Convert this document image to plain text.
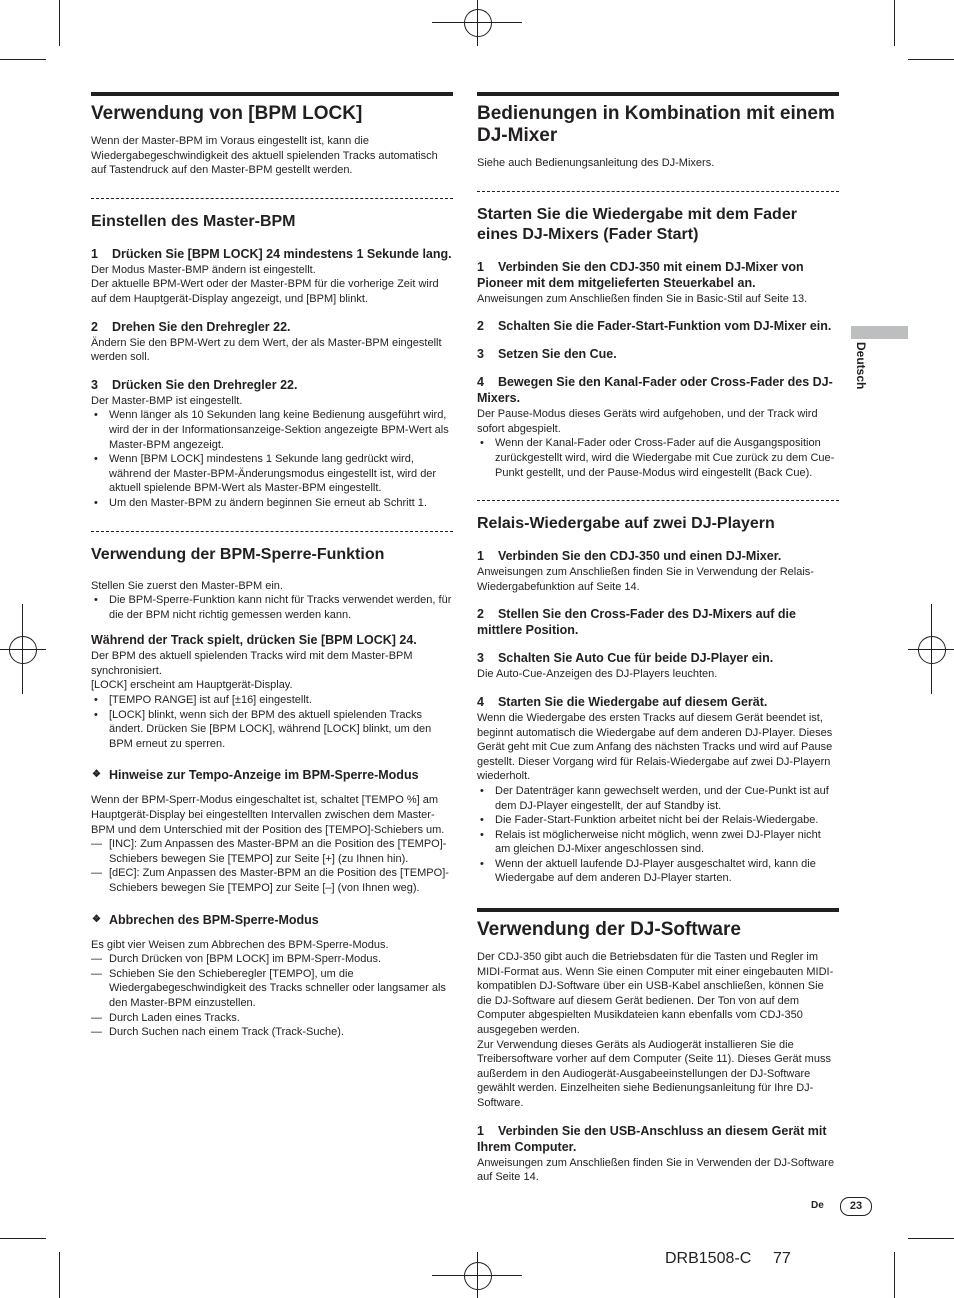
Verwendung von [BPM LOCK]

Wenn der Master-BPM im Voraus eingestellt ist, kann die Wiedergabegeschwindigkeit des aktuell spielenden Tracks automatisch auf Tastendruck auf den Master-BPM gestellt werden.

Einstellen des Master-BPM
1 Drücken Sie [BPM LOCK] 24 mindestens 1 Sekunde lang.

Der Modus Master-BMP ändern ist eingestellt.

Der aktuelle BPM-Wert oder der Master-BPM für die vorherige Zeit wird auf dem Hauptgerät-Display angezeigt, und [BPM] blinkt.

2 Drehen Sie den Drehregler 22.

Ändern Sie den BPM-Wert zu dem Wert, der als Master-BPM eingestellt werden soll.

3 Drücken Sie den Drehregler 22.

Der Master-BMP ist eingestellt.

• Wenn länger als 10 Sekunden lang keine Bedienung ausgeführt wird, wird der in der Informationsanzeige-Sektion angezeigte BPM-Wert als Master-BPM angezeigt.

• Wenn [BPM LOCK] mindestens 1 Sekunde lang gedrückt wird, während der Master-BPM-Änderungsmodus eingestellt ist, wird der aktuell spielende BPM-Wert als Master-BPM eingestellt.

• Um den Master-BPM zu ändern beginnen Sie erneut ab Schritt 1.

Verwendung der BPM-Sperre-Funktion

Stellen Sie zuerst den Master-BPM ein.

• Die BPM-Sperre-Funktion kann nicht für Tracks verwendet werden, für die der BPM nicht richtig gemessen werden kann.

Während der Track spielt, drücken Sie [BPM LOCK] 24.

Der BPM des aktuell spielenden Tracks wird mit dem Master-BPM synchronisiert.

[LOCK] erscheint am Hauptgerät-Display.

• [TEMPO RANGE] ist auf [±16] eingestellt.

• [LOCK] blinkt, wenn sich der BPM des aktuell spielenden Tracks ändert. Drücken Sie [BPM LOCK], während [LOCK] blinkt, um den BPM erneut zu sperren.

❖ Hinweise zur Tempo-Anzeige im BPM-Sperre-Modus

Wenn der BPM-Sperr-Modus eingeschaltet ist, schaltet [TEMPO %] am Hauptgerät-Display bei eingestellten Intervallen zwischen dem Master-BPM und dem Unterschied mit der Position des [TEMPO]-Schiebers um.

— [INC]: Zum Anpassen des Master-BPM an die Position des [TEMPO]-Schiebers bewegen Sie [TEMPO] zur Seite [+] (zu Ihnen hin).

— [dEC]: Zum Anpassen des Master-BPM an die Position des [TEMPO]-Schiebers bewegen Sie [TEMPO] zur Seite [–] (von Ihnen weg).

❖ Abbrechen des BPM-Sperre-Modus

Es gibt vier Weisen zum Abbrechen des BPM-Sperre-Modus.

— Durch Drücken von [BPM LOCK] im BPM-Sperr-Modus.

— Schieben Sie den Schieberegler [TEMPO], um die Wiedergabegeschwindigkeit des Tracks schneller oder langsamer als den Master-BPM einzustellen.

— Durch Laden eines Tracks.

— Durch Suchen nach einem Track (Track-Suche).

Bedienungen in Kombination mit einem DJ-Mixer

Siehe auch Bedienungsanleitung des DJ-Mixers.

Starten Sie die Wiedergabe mit dem Fader eines DJ-Mixers (Fader Start)
1 Verbinden Sie den CDJ-350 mit einem DJ-Mixer von Pioneer mit dem mitgelieferten Steuerkabel an.

Anweisungen zum Anschließen finden Sie in Basic-Stil auf Seite 13.

2 Schalten Sie die Fader-Start-Funktion vom DJ-Mixer ein.
3 Setzen Sie den Cue.
4 Bewegen Sie den Kanal-Fader oder Cross-Fader des DJ-Mixers.

Der Pause-Modus dieses Geräts wird aufgehoben, und der Track wird sofort abgespielt.

• Wenn der Kanal-Fader oder Cross-Fader auf die Ausgangsposition zurückgestellt wird, wird die Wiedergabe mit Cue zurück zu dem Cue-Punkt gestellt, und der Pause-Modus wird eingestellt (Back Cue).

Relais-Wiedergabe auf zwei DJ-Playern
1 Verbinden Sie den CDJ-350 und einen DJ-Mixer.

Anweisungen zum Anschließen finden Sie in Verwendung der Relais-Wiedergabefunktion auf Seite 14.

2 Stellen Sie den Cross-Fader des DJ-Mixers auf die mittlere Position.
3 Schalten Sie Auto Cue für beide DJ-Player ein.

Die Auto-Cue-Anzeigen des DJ-Players leuchten.

4 Starten Sie die Wiedergabe auf diesem Gerät.

Wenn die Wiedergabe des ersten Tracks auf diesem Gerät beendet ist, beginnt automatisch die Wiedergabe auf dem anderen DJ-Player. Dieses Gerät geht mit Cue zum Anfang des nächsten Tracks und wird auf Pause gestellt. Dieser Vorgang wird für Relais-Wiedergabe auf zwei DJ-Playern wiederholt.

• Der Datenträger kann gewechselt werden, und der Cue-Punkt ist auf dem DJ-Player eingestellt, der auf Standby ist.

• Die Fader-Start-Funktion arbeitet nicht bei der Relais-Wiedergabe.

• Relais ist möglicherweise nicht möglich, wenn zwei DJ-Player nicht am gleichen DJ-Mixer angeschlossen sind.

• Wenn der aktuell laufende DJ-Player ausgeschaltet wird, kann die Wiedergabe auf dem anderen DJ-Player starten.

Verwendung der DJ-Software

Der CDJ-350 gibt auch die Betriebsdaten für die Tasten und Regler im MIDI-Format aus. Wenn Sie einen Computer mit einer eingebauten MIDI-kompatiblen DJ-Software über ein USB-Kabel anschließen, können Sie die DJ-Software auf diesem Gerät bedienen. Der Ton von auf dem Computer abgespielten Musikdateien kann ebenfalls vom CDJ-350 ausgegeben werden.

Zur Verwendung dieses Geräts als Audiogerät installieren Sie die Treibersoftware vorher auf dem Computer (Seite 11). Dieses Gerät muss außerdem in den Audiogerät-Ausgabeeinstellungen der DJ-Software gewählt werden. Einzelheiten siehe Bedienungsanleitung für Ihre DJ-Software.

1 Verbinden Sie den USB-Anschluss an diesem Gerät mit Ihrem Computer.

Anweisungen zum Anschließen finden Sie in Verwenden der DJ-Software auf Seite 14.

Deutsch
De	23
DRB1508-C 77
